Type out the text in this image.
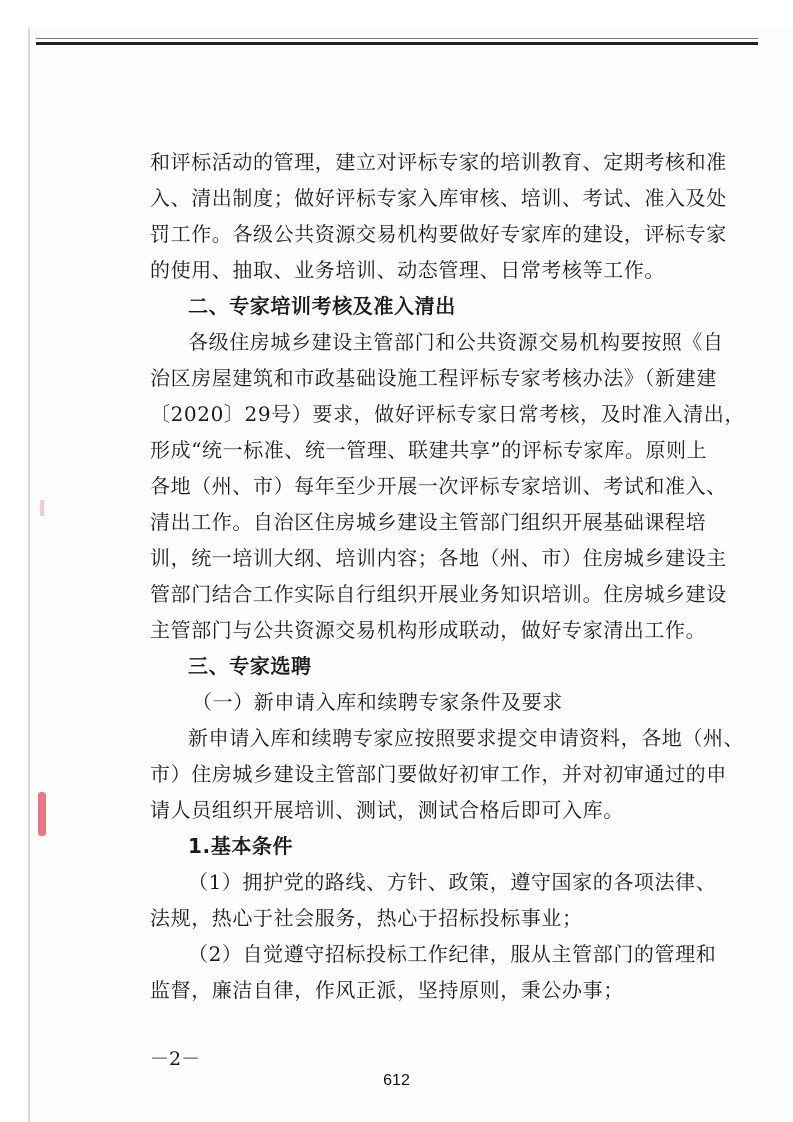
和评标活动的管理，建立对评标专家的培训教育、定期考核和准

入、清出制度；做好评标专家入库审核、培训、考试、准入及处

罚工作。各级公共资源交易机构要做好专家库的建设，评标专家

的使用、抽取、业务培训、动态管理、日常考核等工作。

二、专家培训考核及准入清出

各级住房城乡建设主管部门和公共资源交易机构要按照《自

治区房屋建筑和市政基础设施工程评标专家考核办法》（新建建

〔2020〕29号）要求，做好评标专家日常考核，及时准入清出，

形成“统一标准、统一管理、联建共享”的评标专家库。原则上

各地（州、市）每年至少开展一次评标专家培训、考试和准入、

清出工作。自治区住房城乡建设主管部门组织开展基础课程培

训，统一培训大纲、培训内容；各地（州、市）住房城乡建设主

管部门结合工作实际自行组织开展业务知识培训。住房城乡建设

主管部门与公共资源交易机构形成联动，做好专家清出工作。

三、专家选聘

（一）新申请入库和续聘专家条件及要求

新申请入库和续聘专家应按照要求提交申请资料，各地（州、

市）住房城乡建设主管部门要做好初审工作，并对初审通过的申

请人员组织开展培训、测试，测试合格后即可入库。

1.基本条件

（1）拥护党的路线、方针、政策，遵守国家的各项法律、

法规，热心于社会服务，热心于招标投标事业；

（2）自觉遵守招标投标工作纪律，服从主管部门的管理和

监督，廉洁自律，作风正派，坚持原则，秉公办事；

－2－
612
